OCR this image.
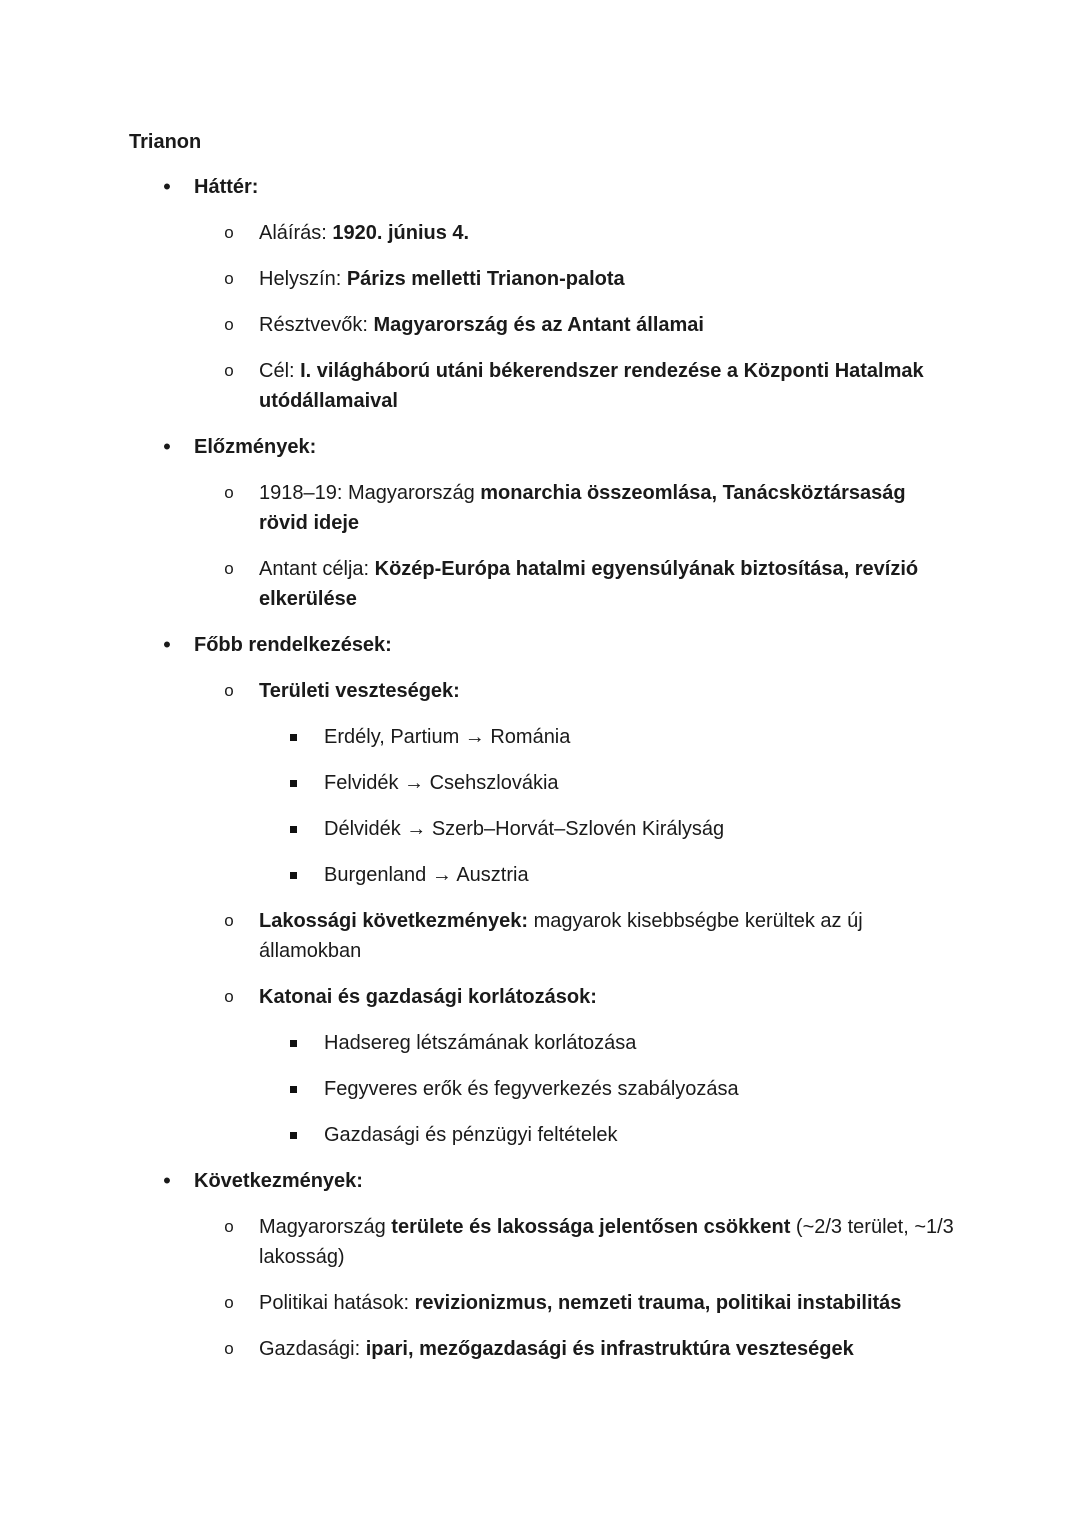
Trianon
• Háttér:
o Aláírás: 1920. június 4.
o Helyszín: Párizs melletti Trianon-palota
o Résztvevők: Magyarország és az Antant államai
o Cél: I. világháború utáni békerendszer rendezése a Központi Hatalmak utódállamaival
• Előzmények:
o 1918–19: Magyarország monarchia összeomlása, Tanácsköztársaság rövid ideje
o Antant célja: Közép-Európa hatalmi egyensúlyának biztosítása, revízió elkerülése
• Főbb rendelkezések:
o Területi veszteségek:
Erdély, Partium → Románia
Felvidék → Csehszlovákia
Délvidék → Szerb–Horvát–Szlovén Királyság
Burgenland → Ausztria
o Lakossági következmények: magyarok kisebbségbe kerültek az új államokban
o Katonai és gazdasági korlátozások:
Hadsereg létszámának korlátozása
Fegyveres erők és fegyverkezés szabályozása
Gazdasági és pénzügyi feltételek
• Következmények:
o Magyarország területe és lakossága jelentősen csökkent (~2/3 terület, ~1/3 lakosság)
o Politikai hatások: revizionizmus, nemzeti trauma, politikai instabilitás
o Gazdasági: ipari, mezőgazdasági és infrastruktúra veszteségek
